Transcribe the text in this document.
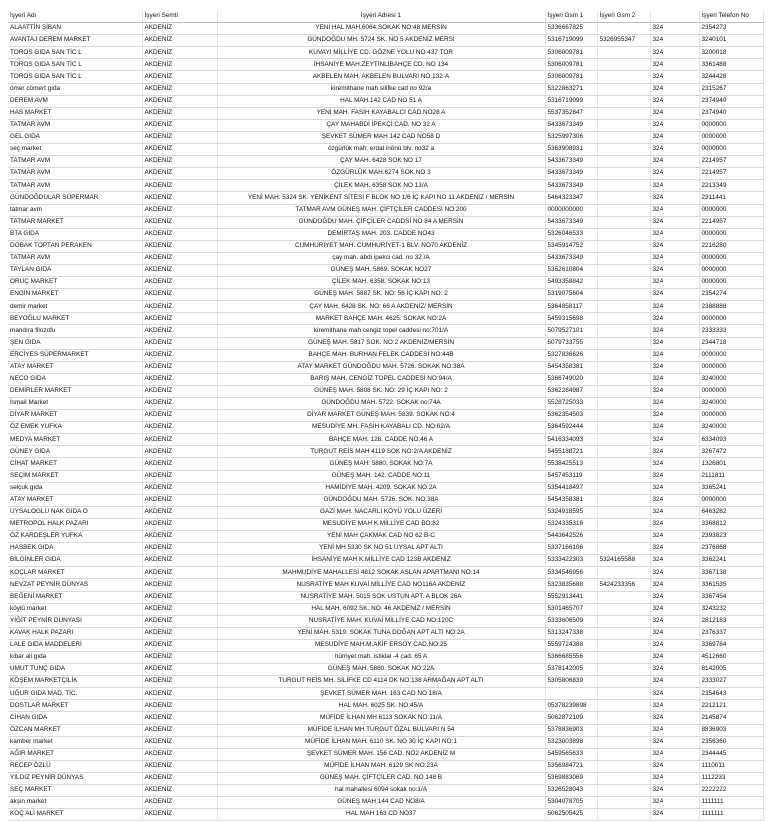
İşyeri Adı	İşyeri Semti	İşyeri Adresi 1	İşyeri Gsm 1	İşyeri Gsm 2		İşyeri Telefon No
ALAATTİN ŞİBAN	AKDENİZ	YENİ HAL MAH.6064.SOKAK NO:48 MERSİN	5336667825		324	2354273
AVANTAJ DEREM MARKET	AKDENİZ	GÜNDOĞDU MH. 5724 SK. NO 5 AKDENİZ MERSİ	5316719099	5326955347	324	3240101
TOROS GIDA SAN TİC L	AKDENİZ	KUVAYI MİLLİYE CD. GÖZNE YOLU NO 437 TOR	5306009781		324	3200018
TOROS GIDA SAN TİC L	AKDENİZ	İHSANİYE MAH.ZEYTİNLİBAHÇE CD. NO 134	5306009781		324	3361488
TOROS GIDA SAN TİC L	AKDENİZ	AKBELEN MAH. AKBELEN BULVARI NO 132-A	5306009781		324	3244428
ömer cömert gıda	AKDENİZ	kiremithane mah silifke cad no 92/a	5322863271		324	2315267
DEREM AVM	AKDENİZ	HAL MAH.142 CAD NO 51 A	5316719099		324	2374940
HAS MARKET	AKDENİZ	YENİ MAH. FASİH KAYABALCI CAD.NO28 A	5537352847		324	2374940
TATMAR AVM	AKDENİZ	ÇAY MAHABDİ İPEKÇİ CAD. NO 32 A	5433673349		324	0000000
GEL GIDA	AKDENİZ	ŞEVKET SÜMER MAH 142 CAD NO58 D	5325997306		324	0000000
seç market	AKDENİZ	özgürlük mah. erdal inönü blv. no32 a	5363908931		324	0000000
TATMAR AVM	AKDENİZ	ÇAY MAH. 6428 SOK NO 17	5433673349		324	2214957
TATMAR AVM	AKDENİZ	ÖZGÜRLÜK MAH.6274 SOK NO 3	5433673349		324	2214957
TATMAR AVM	AKDENİZ	ÇİLEK MAH. 6358 SOK NO 13/A	5433673349		324	2213349
GÜNDOĞDULAR SÜPERMAR	AKDENİZ	YENİ MAH. 5324 SK. YENİKENT SİTESİ F BLOK NO 1/6 İÇ KAPI NO 11 AKDENİZ / MERSİN	5464323347		324	2311441
tatmar avm	AKDENİZ	TATMAR AVM GÜNEŞ MAH. ÇİFTÇİLER CADDESİ NO:200	0000000000		324	0000000
TATMAR MARKET	AKDENİZ	GÜNDOĞDU MAH. ÇİFÇİLER CADDSİ NO 84 A MERSİN	5433673349		324	2214957
BTA GIDA	AKDENİZ	DEMİRTAŞ MAH. 203. CADDE NO43	5326046533		324	0000000
DOBAK TOPTAN PERAKEN	AKDENİZ	CUMHURİYET MAH. CUMHURİYET-1 BLV. NO70 AKDENİZ	5345914752		324	2216280
TATMAR AVM	AKDENİZ	çay mah. abdi ipekci cad. no 32 /A	5433673349		324	0000000
TAYLAN GIDA	AKDENİZ	GÜNEŞ MAH. 5869. SOKAK NO27	5352610804		324	0000000
ORUÇ MARKET	AKDENİZ	ÇİLEK MAH. 6358. SOKAK NO:13	5493358842		324	0000000
ENGİN MARKET	AKDENİZ	GÜNEŞ MAH. 5887 SK. NO: 56 İÇ KAPI NO: 2	5319075604		324	2354274
demir market	AKDENİZ	ÇAY MAH. 6428 SK. NO: 66 A AKDENİZ/ MERSİN	5364858117		324	2388888
BEYOĞLU MARKET	AKDENİZ	MARKET BAHÇE MAH. 4625. SOKAK NO:2A	5459315698		324	0000000
mandıra filozofu	AKDENİZ	kiremithane mah cengiz topel caddesi no:701/A	5079527101		324	2333333
ŞEN GIDA	AKDENİZ	GÜNEŞ MAH. 5817 SOK. NO:2 AKDENİZ/MERSİN	5079733755		324	2344718
ERCİYES SÜPERMARKET	AKDENİZ	BAHÇE MAH. BURHAN FELEK CADDESİ NO:44B	5327836626		324	0000000
ATAY MARKET	AKDENİZ	ATAY MARKET GÜNDOĞDU MAH. 5726. SOKAK NO:38A	5454358381		324	0000000
NECO GIDA	AKDENİZ	BARIŞ MAH. CENGİZ TOPEL CADDESİ NO:94/A	5366749020		324	3240000
DEMİRLER MARKET	AKDENİZ	GÜNEŞ MAH. 5808 SK. NO: 29 İÇ KAPI NO: 2	5362284987		324	0000000
İsmail Market	AKDENİZ	GÜNDOĞDU MAH. 5722. SOKAK no:74A	5528725033		324	3240000
DİYAR MARKET	AKDENİZ	DİYAR MARKET GÜNEŞ MAH. 5839. SOKAK NO:4	5362354503		324	0000000
ÖZ EMEK YUFKA	AKDENİZ	MESUDİYE MH. FASİH KAYABALI CD. NO:62/A	5364592444		324	3240000
MEDYA MARKET	AKDENİZ	BAHÇE MAH. 128. CADDE NO:46 A	5416334093		324	6334093
GÜNEY GIDA	AKDENİZ	TURGUT REİS MAH 4119 SOK NO:2/A AKDENİZ	5455188721		324	3267472
CİHAT MARKET	AKDENİZ	GÜNEŞ MAH. 5880. SOKAK NO:7A	5538425513		324	1326801
SEÇİM MARKET	AKDENİZ	GÜNEŞ MAH. 142. CADDE NO:11	5457453119		324	2111811
selçuk gıda	AKDENİZ	HAMİDİYE MAH. 4209. SOKAK NO:2A	5354418497		324	3365241
ATAY MARKET	AKDENİZ	GÜNDOĞDU MAH. 5726. SOK. NO.38A	5454358381		324	0000000
UYSALOGLU NAK GIDA O	AKDENİZ	GAZİ MAH. NACARLI KÖYÜ YOLU ÜZERİ	5324918595		324	6463282
METROPOL HALK PAZARI	AKDENİZ	MESUDİYE MAH K.MİLLİYE CAD BO:82	5324335316		324	3368812
ÖZ KARDEŞLER YUFKA	AKDENİZ	YENİ MAH ÇAKMAK CAD NO 62 B-C	5443642526		324	2393823
HASBEK GIDA	AKDENİZ	YENİ MH 5330 SK NO 51 UYSAL APT ALTI	5337166106		324	2376868
BİLGİNLER GIDA	AKDENİZ	İHSANİYE MAH K.MİLLİYE CAD 123B AKDENİZ	5333422303	5324165588	324	3362241
KOÇLAR MARKET	AKDENİZ	MAHMUDİYE MAHALLESİ 4812 SOKAK ASLAN APARTMANI NO:14	5334546956		324	3367138
NEVZAT PEYNİR DÜNYAS	AKDENİZ	NUSRATİYE MAH KUVAİ MİLLİYE CAD NO116A AKDENİZ	5323835688	5424233356	324	3361535
BEĞENİ MARKET	AKDENİZ	NUSRATİYE MAH. 5015 SOK USTUN APT. A BLOK 26A	5552913441		324	3367454
köylü market	AKDENİZ	HAL MAH. 6092 SK. NO: 46 AKDENİZ / MERSİN	5301465707		324	3243232
YİĞİT PEYNİR DUNYASI	AKDENİZ	NUSRATİYE MAH. KUVAİ MİLLİYE CAD NO:120C	5333606509		324	2812183
KAVAK HALK PAZARI	AKDENİZ	YENİ MAH. 5319. SOKAK TUNA DOĞAN APT ALTI NO:2A	5313247338		324	2376337
LALE GIDA MADDELERİ	AKDENİZ	MESUDİYE MAH.M.AKİF ERSOY CAD.NO:25	5559724388		324	3369784
kibar ali gıda	AKDENİZ	hürriyet mah. istiklal -4 cad. 65 A	5366685556		324	4512660
UMUT TUNÇ GIDA	AKDENİZ	GÜNEŞ MAH. 5880. SOKAK NO:22A	5378142005		324	8142005
KÖŞEM MARKETÇİLİK	AKDENİZ	TURGUT REİS MH. SİLİFKE CD 4114 DK NO:138 ARMAĞAN APT ALTI	5305806839		324	2333027
UĞUR GIDA MAD. TİC.	AKDENİZ	ŞEVKET SÜMER MAH. 163 CAD NO 18/A			324	2354643
DOSTLAR MARKET	AKDENİZ	HAL MAH. 6025 SK. NO:45/A	05378239898		324	2212121
CİHAN GIDA	AKDENİZ	MÜFİDE İLHAN MH 6113 SOKAK NO:11/A	5062872109		324	2145874
ÖZCAN MARKET	AKDENİZ	MÜFİDE İLHAN MH TURGUT ÖZAL BULVARI N 54	5378836903		324	8836903
kamber market	AKDENİZ	MÜFİDE İLHAN MAH. 6110 SK. NO 30 İÇ KAPI NO:1	5323003898		324	2356360
AĞIR MARKET	AKDENİZ	ŞEVKET SÜMER MAH. 156 CAD. NO2 AKDENİZ M	5459565633		324	2344445
RECEP ÖZLÜ	AKDENİZ	MÜFİDE İLHAN MAH. 6129 SK NO:23A	5356984721		324	1110011
YILDIZ PEYNİR DÜNYAS	AKDENİZ	GÜNEŞ MAH. ÇİFTÇİLER CAD. NO 148 B	5369883069		324	1112233
SEÇ MARKET	AKDENİZ	hal mahallesi 6094 sokak no:1/A	5326528043		324	2222222
akşin market	AKDENİZ	GÜNEŞ MAH 144 CAD NO8/A	5304078705		324	1111111
KOÇ ALİ MARKET	AKDENİZ	HAL MAH 163 CD NO37	5062505425		324	1111111
